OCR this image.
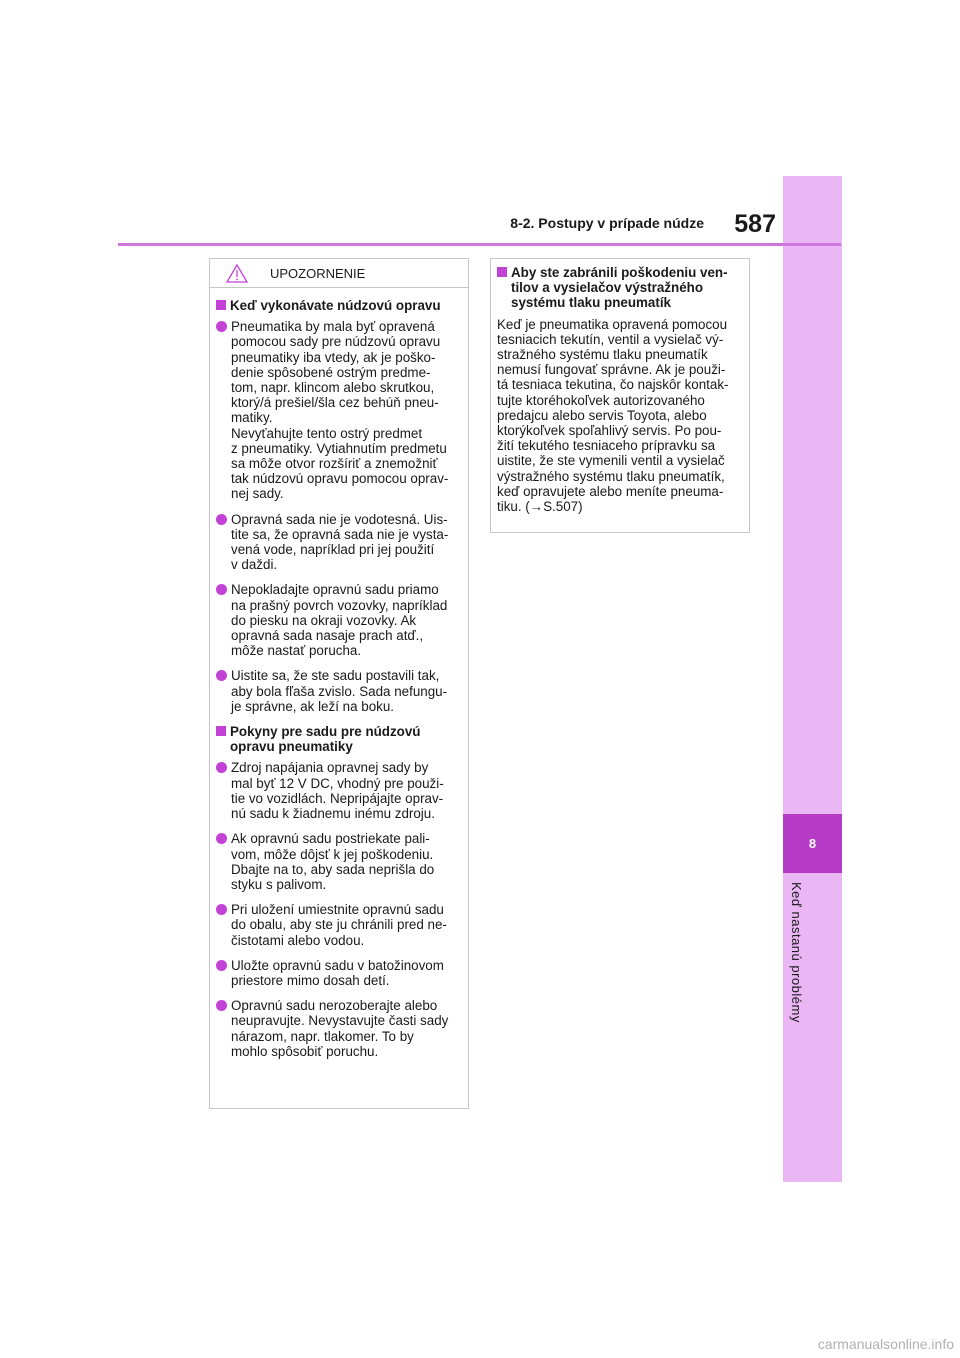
8
Keď nastanú problémy
8-2. Postupy v prípade núdze	587
UPOZORNENIE
Keď vykonávate núdzovú opravu
Pneumatika by mala byť opravená
pomocou sady pre núdzovú opravu
pneumatiky iba vtedy, ak je poško-
denie spôsobené ostrým predme-
tom, napr. klincom alebo skrutkou,
ktorý/á prešiel/šla cez behúň pneu-
matiky.
Nevyťahujte tento ostrý predmet
z pneumatiky. Vytiahnutím predmetu
sa môže otvor rozšíriť a znemožniť
tak núdzovú opravu pomocou oprav-
nej sady.
Opravná sada nie je vodotesná. Uis-
tite sa, že opravná sada nie je vysta-
vená vode, napríklad pri jej použití
v daždi.
Nepokladajte opravnú sadu priamo
na prašný povrch vozovky, napríklad
do piesku na okraji vozovky. Ak
opravná sada nasaje prach atď.,
môže nastať porucha.
Uistite sa, že ste sadu postavili tak,
aby bola fľaša zvislo. Sada nefungu-
je správne, ak leží na boku.
Pokyny pre sadu pre núdzovú
opravu pneumatiky
Zdroj napájania opravnej sady by
mal byť 12 V DC, vhodný pre použi-
tie vo vozidlách. Nepripájajte oprav-
nú sadu k žiadnemu inému zdroju.
Ak opravnú sadu postriekate pali-
vom, môže dôjsť k jej poškodeniu.
Dbajte na to, aby sada neprišla do
styku s palivom.
Pri uložení umiestnite opravnú sadu
do obalu, aby ste ju chránili pred ne-
čistotami alebo vodou.
Uložte opravnú sadu v batožinovom
priestore mimo dosah detí.
Opravnú sadu nerozoberajte alebo
neupravujte. Nevystavujte časti sady
nárazom, napr. tlakomer. To by
mohlo spôsobiť poruchu.
Aby ste zabránili poškodeniu ven-
tilov a vysielačov výstražného
systému tlaku pneumatík
Keď je pneumatika opravená pomocou
tesniacich tekutín, ventil a vysielač vý-
stražného systému tlaku pneumatík
nemusí fungovať správne. Ak je použi-
tá tesniaca tekutina, čo najskôr kontak-
tujte ktoréhokoľvek autorizovaného
predajcu alebo servis Toyota, alebo
ktorýkoľvek spoľahlivý servis. Po pou-
žití tekutého tesniaceho prípravku sa
uistite, že ste vymenili ventil a vysielač
výstražného systému tlaku pneumatík,
keď opravujete alebo meníte pneuma-
tiku. (→S.507)
carmanualsonline.info
